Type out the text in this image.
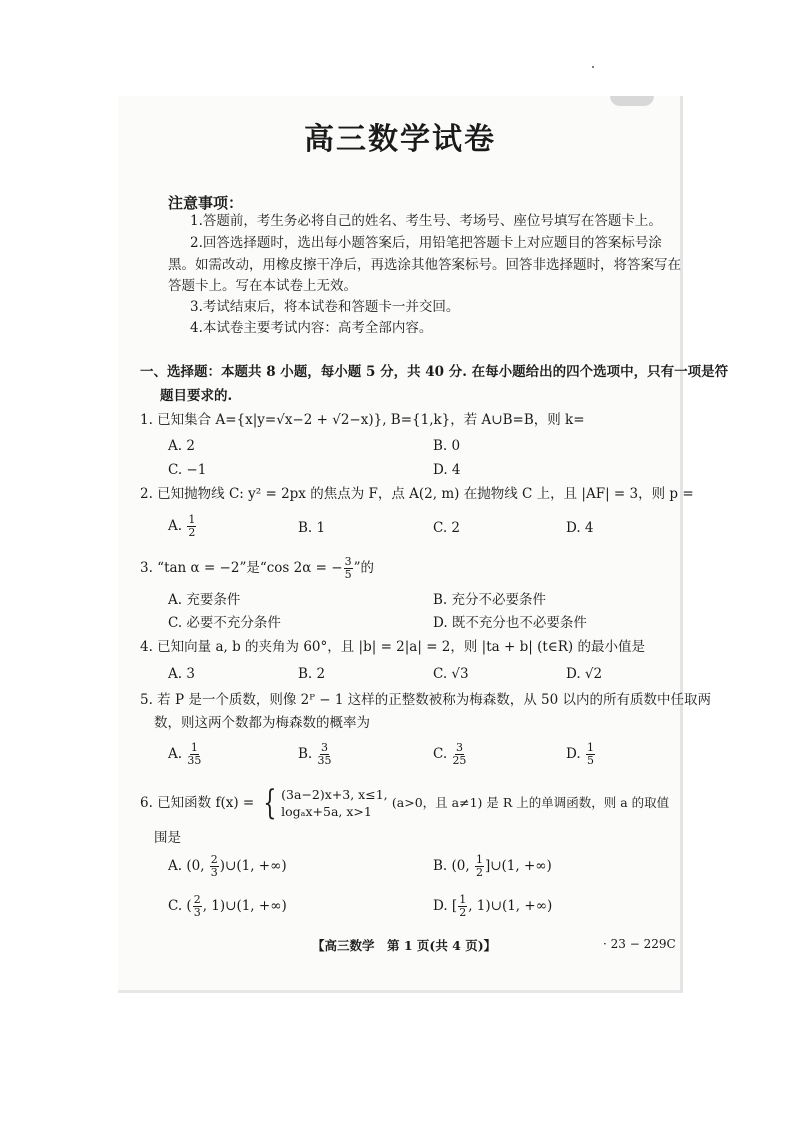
高三数学试卷
注意事项：
1.答题前，考生务必将自己的姓名、考生号、考场号、座位号填写在答题卡上。
2.回答选择题时，选出每小题答案后，用铅笔把答题卡上对应题目的答案标号涂
黑。如需改动，用橡皮擦干净后，再选涂其他答案标号。回答非选择题时，将答案写在
答题卡上。写在本试卷上无效。
3.考试结束后，将本试卷和答题卡一并交回。
4.本试卷主要考试内容：高考全部内容。
一、选择题：本题共 8 小题，每小题 5 分，共 40 分. 在每小题给出的四个选项中，只有一项是符
题目要求的.
1. 已知集合 A={x|y=√x−2 + √2−x)}, B={1,k}，若 A∪B=B，则 k=
A. 2	B. 0
C. −1	D. 4
2. 已知抛物线 C: y² = 2px 的焦点为 F，点 A(2, m) 在抛物线 C 上，且 |AF| = 3，则 p =
A. $\frac{1}{2}$	B. 1	C. 2	D. 4
3. “tan α = −2”是“cos 2α = − $\frac{3}{5}$ ”的
A. 充要条件	B. 充分不必要条件
C. 必要不充分条件	D. 既不充分也不必要条件
4. 已知向量 a, b 的夹角为 60°，且 |b| = 2|a| = 2，则 |ta + b| (t∈R) 的最小值是
A. 3	B. 2	C. √3	D. √2
5. 若 P 是一个质数，则像 2ᴾ − 1 这样的正整数被称为梅森数，从 50 以内的所有质数中任取两
数，则这两个数都为梅森数的概率为
A. $\frac{1}{35}$	B. $\frac{3}{35}$	C. $\frac{3}{25}$	D. $\frac{1}{5}$
6. 已知函数 f(x) = { (3a−2)x+3, x≤1,
logₐx+5a, x>1
(a>0，且 a≠1) 是 R 上的单调函数，则 a 的取值
围是
A. (0, $\frac{2}{3}$ )∪(1, +∞)	B. (0, $\frac{1}{2}$ ]∪(1, +∞)
C. ( $\frac{2}{3}$ , 1)∪(1, +∞)	D. [ $\frac{1}{2}$ , 1)∪(1, +∞)
【高三数学　第 1 页(共 4 页)】	· 23 − 229C
